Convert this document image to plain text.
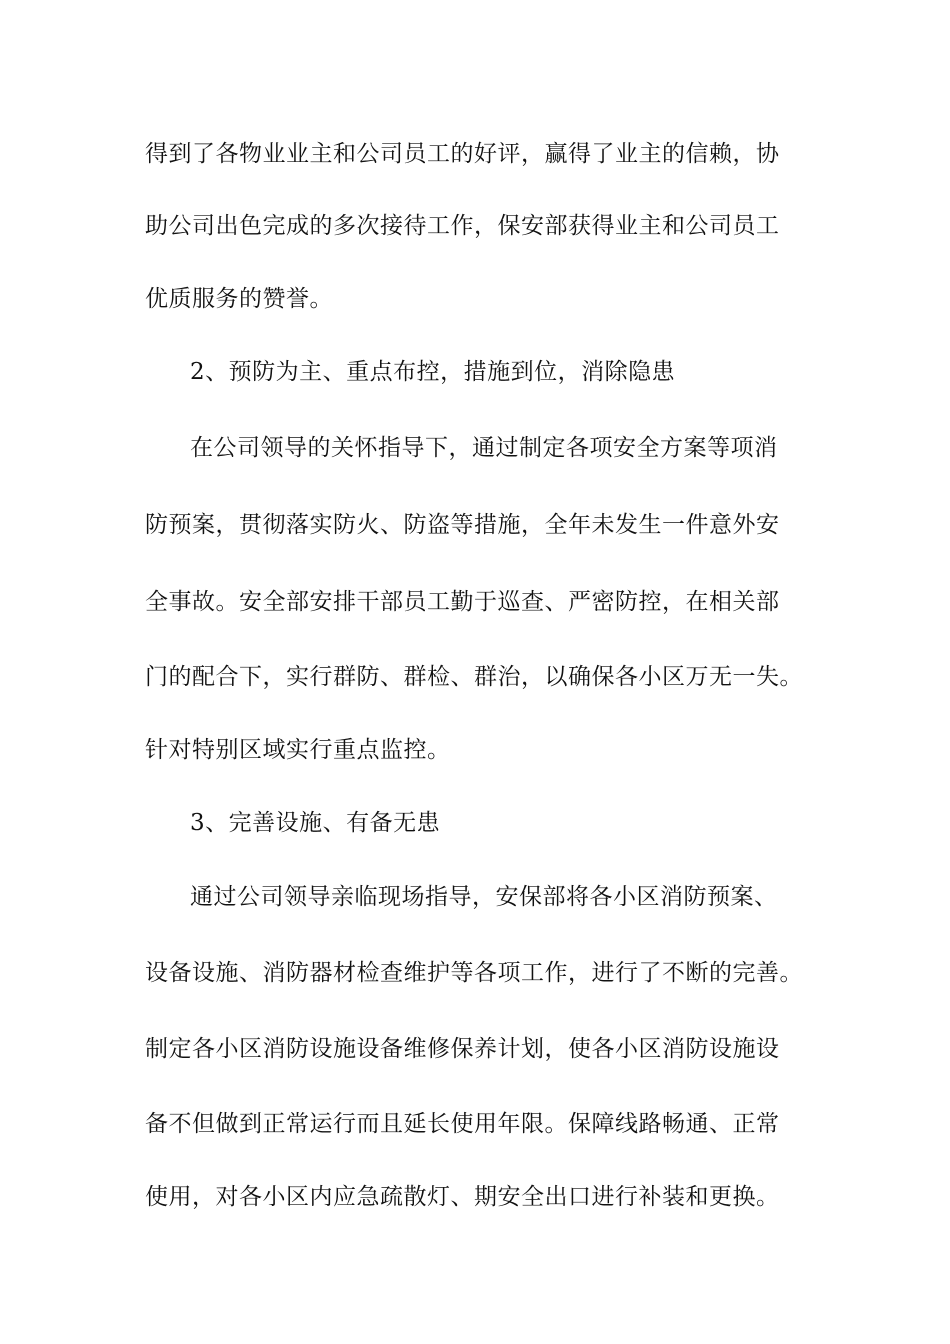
得到了各物业业主和公司员工的好评，赢得了业主的信赖，协
助公司出色完成的多次接待工作，保安部获得业主和公司员工
优质服务的赞誉。
2、预防为主、重点布控，措施到位，消除隐患
在公司领导的关怀指导下，通过制定各项安全方案等项消
防预案，贯彻落实防火、防盗等措施，全年未发生一件意外安
全事故。安全部安排干部员工勤于巡查、严密防控，在相关部
门的配合下，实行群防、群检、群治，以确保各小区万无一失。
针对特别区域实行重点监控。
3、完善设施、有备无患
通过公司领导亲临现场指导，安保部将各小区消防预案、
设备设施、消防器材检查维护等各项工作，进行了不断的完善。
制定各小区消防设施设备维修保养计划，使各小区消防设施设
备不但做到正常运行而且延长使用年限。保障线路畅通、正常
使用，对各小区内应急疏散灯、期安全出口进行补装和更换。
